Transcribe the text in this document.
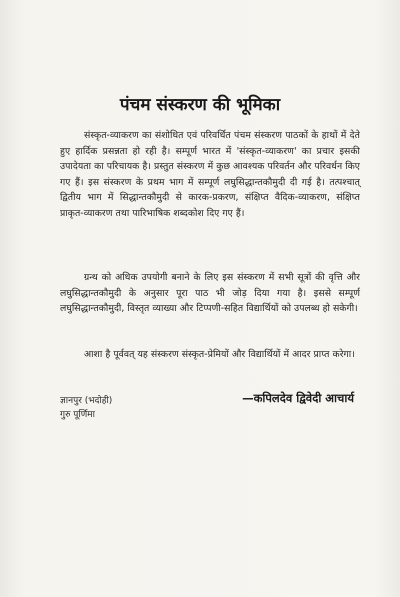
पंचम संस्करण की भूमिका
संस्कृत-व्याकरण का संशोधित एवं परिवर्धित पंचम संस्करण पाठकों के हाथों में देते हुए हार्दिक प्रसन्नता हो रही है। सम्पूर्ण भारत में 'संस्कृत-व्याकरण' का प्रचार इसकी उपादेयता का परिचायक है। प्रस्तुत संस्करण में कुछ आवश्यक परिवर्तन और परिवर्धन किए गए हैं। इस संस्करण के प्रथम भाग में सम्पूर्ण लघुसिद्धान्तकौमुदी दी गई है। तत्पश्चात् द्वितीय भाग में सिद्धान्तकौमुदी से कारक-प्रकरण, संक्षिप्त वैदिक-व्याकरण, संक्षिप्त प्राकृत-व्याकरण तथा पारिभाषिक शब्दकोश दिए गए हैं।
ग्रन्थ को अधिक उपयोगी बनाने के लिए इस संस्करण में सभी सूत्रों की वृत्ति और लघुसिद्धान्तकौमुदी के अनुसार पूरा पाठ भी जोड़ दिया गया है। इससे सम्पूर्ण लघुसिद्धान्तकौमुदी, विस्तृत व्याख्या और टिप्पणी-सहित विद्यार्थियों को उपलब्ध हो सकेगी।
आशा है पूर्ववत् यह संस्करण संस्कृत-प्रेमियों और विद्यार्थियों में आदर प्राप्त करेगा।
ज्ञानपुर (भदोही)
गुरु पूर्णिमा
—कपिलदेव द्विवेदी आचार्य
